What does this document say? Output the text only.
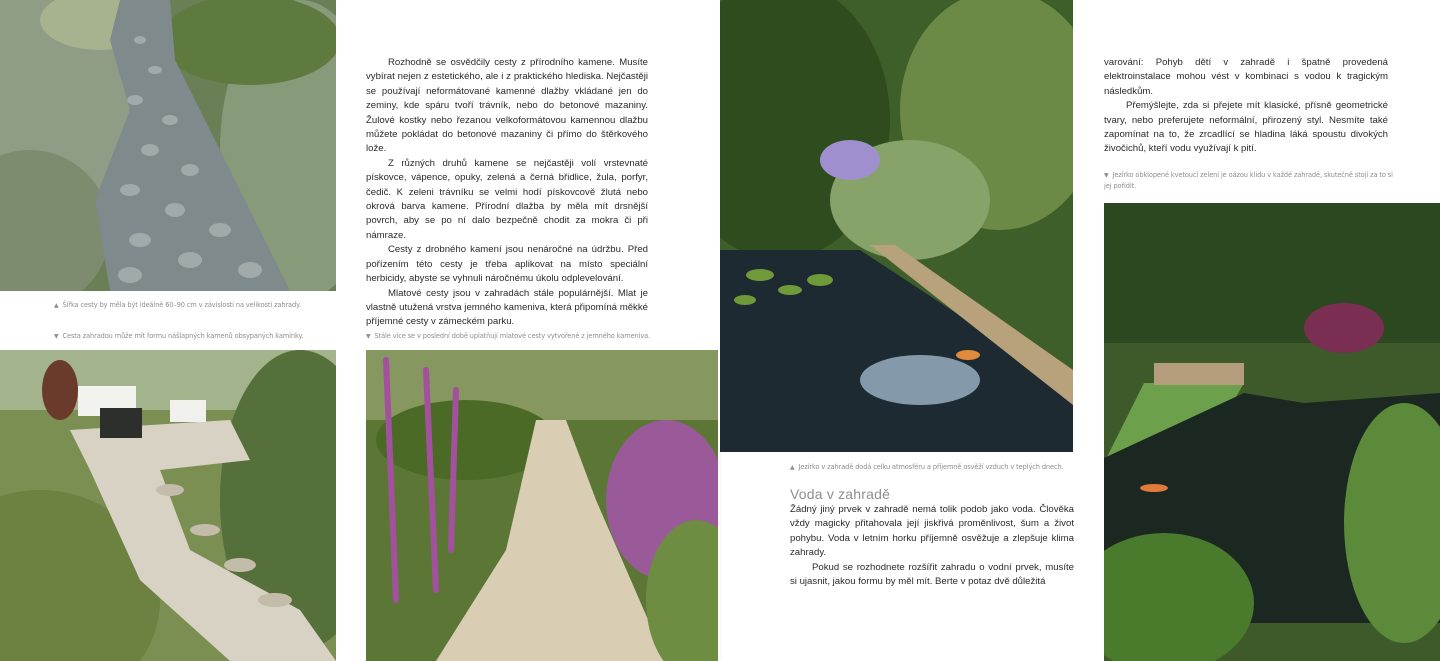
Rozhodně se osvědčily cesty z přírodního kamene. Musíte vybírat nejen z estetického, ale i z praktického hlediska. Nejčastěji se používají neformátované kamenné dlažby vkládané jen do zeminy, kde spáru tvoří trávník, nebo do betonové mazaniny. Žulové kostky nebo řezanou velkoformátovou kamennou dlažbu můžete pokládat do betonové mazaniny či přímo do štěrkového lože.

Z různých druhů kamene se nejčastěji volí vrstevnaté pískovce, vápence, opuky, zelená a černá břidlice, žula, porfyr, čedič. K zeleni trávníku se velmi hodí pískovcově žlutá nebo okrová barva kamene. Přírodní dlažba by měla mít drsnější povrch, aby se po ní dalo bezpečně chodit za mokra či při námraze.

Cesty z drobného kamení jsou nenáročné na údržbu. Před pořízením této cesty je třeba aplikovat na místo speciální herbicidy, abyste se vyhnuli náročnému úkolu odplevelování.

Mlatové cesty jsou v zahradách stále populárnější. Mlat je vlastně utužená vrstva jemného kameniva, která připomíná měkké příjemné cesty v zámeckém parku.

▲ Šířka cesty by měla být ideálně 60–90 cm v závislosti na velikosti zahrady.
▼ Cesta zahradou může mít formu nášlapných kamenů obsypaných kamínky.	▼ Stále více se v poslední době uplatňují mlatové cesty vytvořené z jemného kameniva.
▲ Jezírko v zahradě dodá celku atmosféru a příjemně osvěží vzduch v teplých dnech.
Voda v zahradě

Žádný jiný prvek v zahradě nemá tolik podob jako voda. Člověka vždy magicky přitahovala její jiskřivá proměnlivost, šum a život pohybu. Voda v letním horku příjemně osvěžuje a zlepšuje klima zahrady.

Pokud se rozhodnete rozšířit zahradu o vodní prvek, musíte si ujasnit, jakou formu by měl mít. Berte v potaz dvě důležitá

varování: Pohyb dětí v zahradě i špatně provedená elektroinstalace mohou vést v kombinaci s vodou k tragickým následkům.

Přemýšlejte, zda si přejete mít klasické, přísně geometrické tvary, nebo preferujete neformální, přirozený styl. Nesmíte také zapomínat na to, že zrcadlící se hladina láká spoustu divokých živočichů, kteří vodu využívají k pití.

▼ Jezírko obklopené kvetoucí zelení je oázou klidu v každé zahradě, skutečně stojí za to si jej pořídit.
